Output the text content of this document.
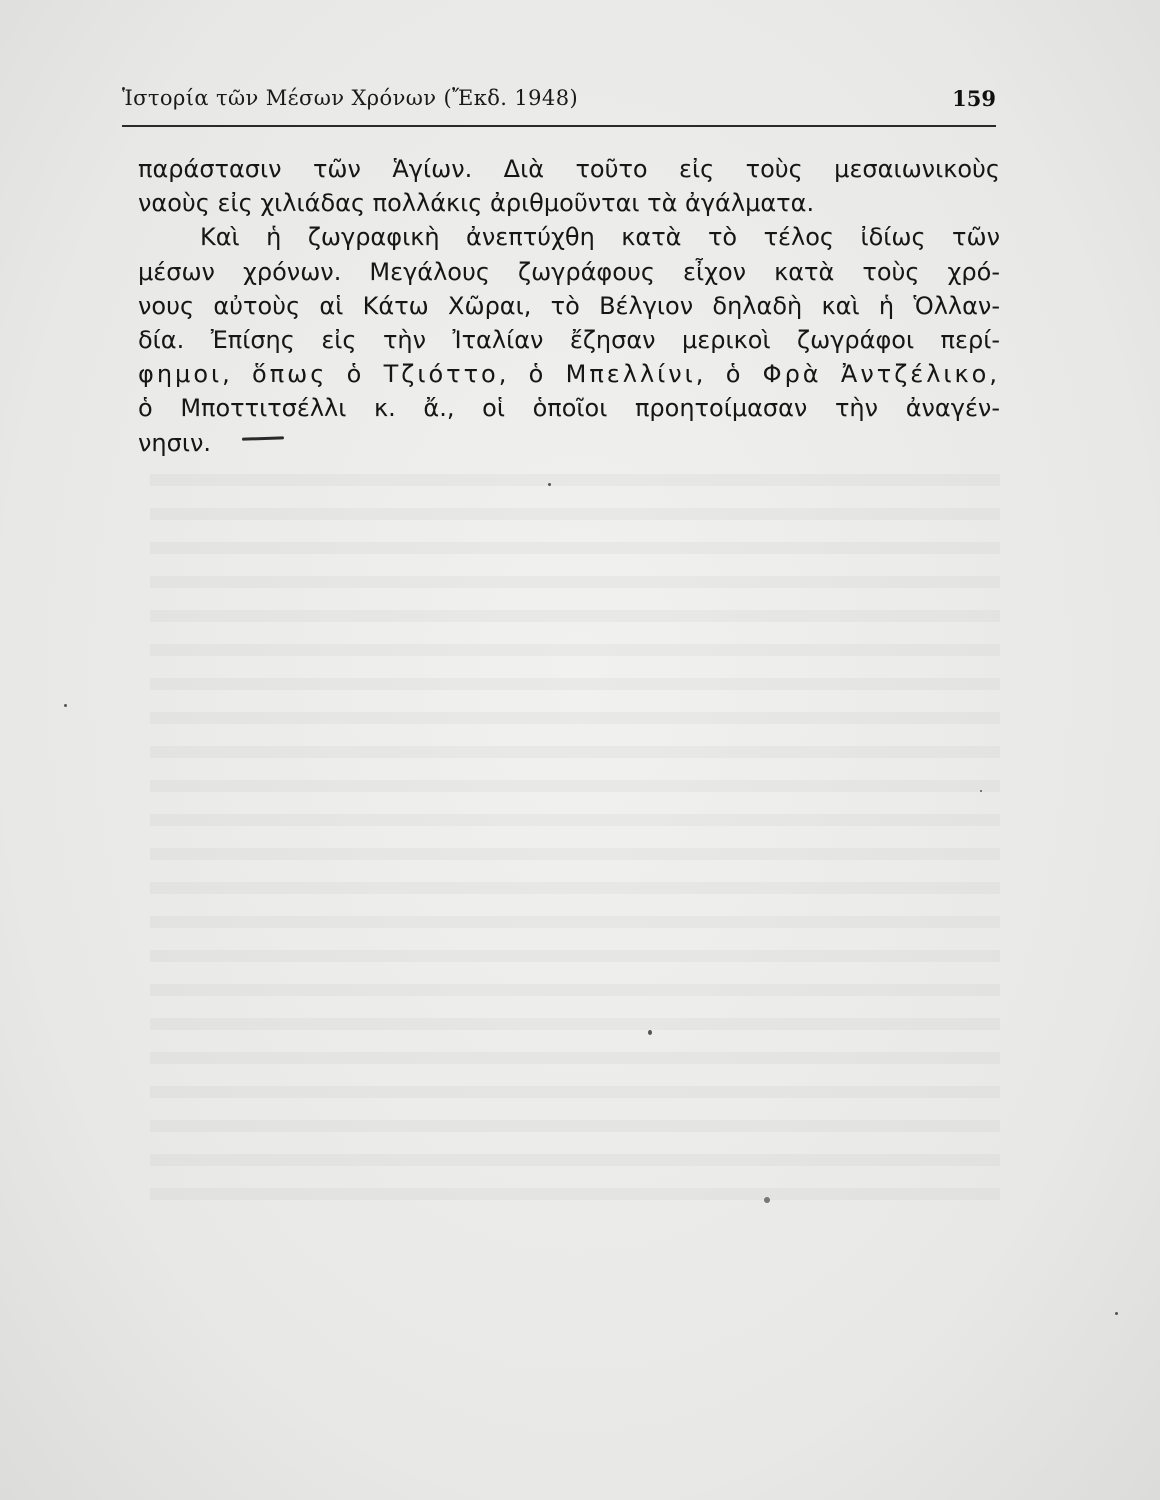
Ἱστορία τῶν Μέσων Χρόνων (Ἔκδ. 1948)	159
παράστασιν τῶν Ἁγίων. Διὰ τοῦτο εἰς τοὺς μεσαιωνικοὺς
ναοὺς εἰς χιλιάδας πολλάκις ἀριθμοῦνται τὰ ἀγάλματα.
Καὶ ἡ ζωγραφικὴ ἀνεπτύχθη κατὰ τὸ τέλος ἰδίως τῶν
μέσων χρόνων. Μεγάλους ζωγράφους εἶχον κατὰ τοὺς χρό-
νους αὐτοὺς αἱ Κάτω Χῶραι, τὸ Βέλγιον δηλαδὴ καὶ ἡ Ὁλλαν-
δία. Ἐπίσης εἰς τὴν Ἰταλίαν ἔζησαν μερικοὶ ζωγράφοι περί-
φημοι, ὅπως ὁ Τζιόττο, ὁ Μπελλίνι, ὁ Φρὰ Ἀντζέλικο,
ὁ Μποττιτσέλλι κ. ἄ., οἱ ὁποῖοι προητοίμασαν τὴν ἀναγέν-
νησιν.
